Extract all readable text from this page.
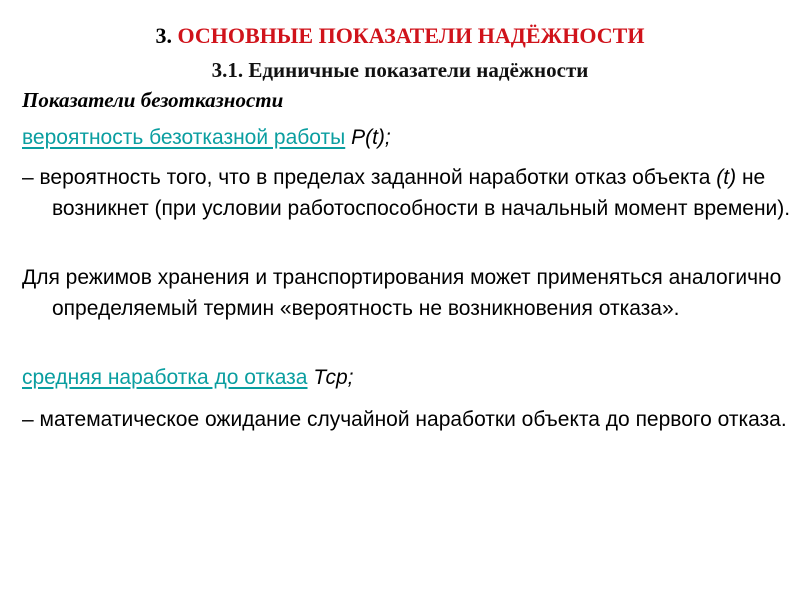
3. ОСНОВНЫЕ ПОКАЗАТЕЛИ НАДЁЖНОСТИ
3.1. Единичные показатели надёжности
Показатели безотказности

вероятность безотказной работы P(t);

– вероятность того, что в пределах заданной наработки отказ объекта (t) не возникнет (при условии работоспособности в начальный момент времени).

Для режимов хранения и транспортирования может применяться аналогично определяемый термин «вероятность не возникновения отказа».

средняя наработка до отказа Тср;

– математическое ожидание случайной наработки объекта до первого отказа.
